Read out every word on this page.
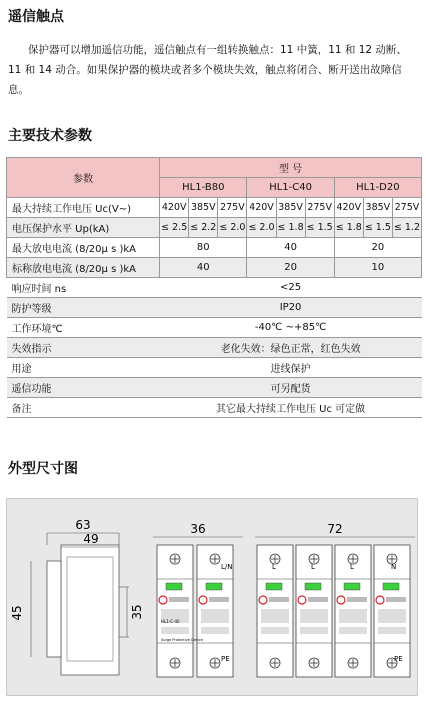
遥信触点
保护器可以增加遥信功能，遥信触点有一组转换触点：11 中簧，11 和 12 动断、11 和 14 动合。如果保护器的模块或者多个模块失效，触点将闭合、断开送出故障信息。
主要技术参数
参数	型 号								
	HL1-B80			HL1-C40			HL1-D20		
最大持续工作电压 Uc(V~)	420V	385V	275V	420V	385V	275V	420V	385V	275V
电压保护水平 Up(kA)	≤ 2.5	≤ 2.2	≤ 2.0	≤ 2.0	≤ 1.8	≤ 1.5	≤ 1.8	≤ 1.5	≤ 1.2
最大放电电流 (8/20μ s )kA	80			40			20		
标称放电电流 (8/20μ s )kA	40			20			10		
响应时间 ns	<25								
防护等级	IP20								
工作环境℃	-40℃ ~+85℃								
失效指示	老化失效：绿色正常，红色失效								
用途	进线保护								
遥信功能	可另配货								
备注	其它最大持续工作电压 Uc 可定做								
外型尺寸图
63
49
45	35
36
L/N
PE
HL1-C-40
Surge Protective Device
72
L	L	L	N
PE
